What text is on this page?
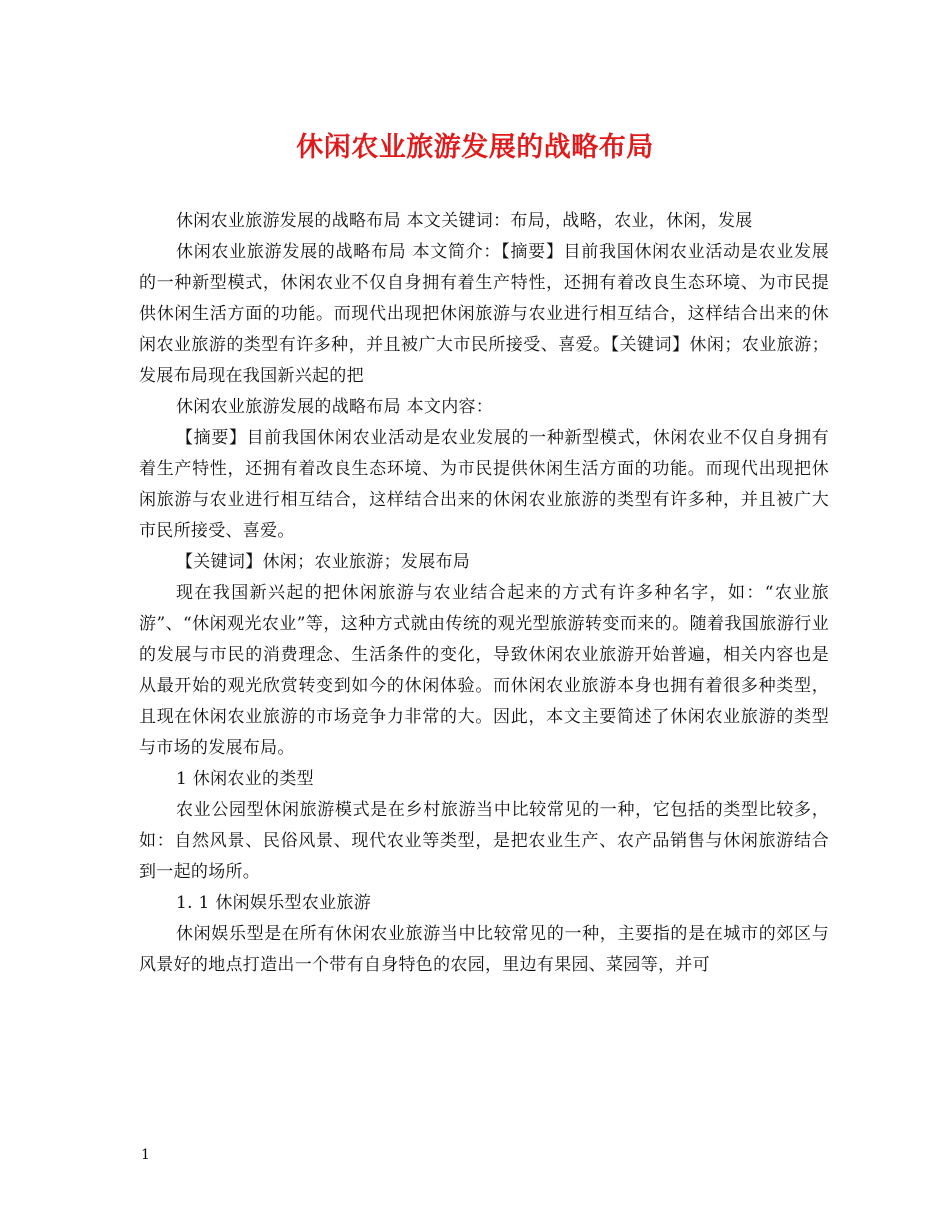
休闲农业旅游发展的战略布局

休闲农业旅游发展的战略布局 本文关键词：布局，战略，农业，休闲，发展

休闲农业旅游发展的战略布局 本文简介：【摘要】目前我国休闲农业活动是农业发展的一种新型模式，休闲农业不仅自身拥有着生产特性，还拥有着改良生态环境、为市民提供休闲生活方面的功能。而现代出现把休闲旅游与农业进行相互结合，这样结合出来的休闲农业旅游的类型有许多种，并且被广大市民所接受、喜爱。【关键词】休闲；农业旅游；发展布局现在我国新兴起的把

休闲农业旅游发展的战略布局 本文内容：

【摘要】目前我国休闲农业活动是农业发展的一种新型模式，休闲农业不仅自身拥有着生产特性，还拥有着改良生态环境、为市民提供休闲生活方面的功能。而现代出现把休闲旅游与农业进行相互结合，这样结合出来的休闲农业旅游的类型有许多种，并且被广大市民所接受、喜爱。

【关键词】休闲；农业旅游；发展布局

现在我国新兴起的把休闲旅游与农业结合起来的方式有许多种名字，如：“农业旅游”、“休闲观光农业”等，这种方式就由传统的观光型旅游转变而来的。随着我国旅游行业的发展与市民的消费理念、生活条件的变化，导致休闲农业旅游开始普遍，相关内容也是从最开始的观光欣赏转变到如今的休闲体验。而休闲农业旅游本身也拥有着很多种类型，且现在休闲农业旅游的市场竞争力非常的大。因此，本文主要简述了休闲农业旅游的类型与市场的发展布局。

1 休闲农业的类型

农业公园型休闲旅游模式是在乡村旅游当中比较常见的一种，它包括的类型比较多，如：自然风景、民俗风景、现代农业等类型，是把农业生产、农产品销售与休闲旅游结合到一起的场所。

1. 1 休闲娱乐型农业旅游

休闲娱乐型是在所有休闲农业旅游当中比较常见的一种，主要指的是在城市的郊区与风景好的地点打造出一个带有自身特色的农园，里边有果园、菜园等，并可

1
